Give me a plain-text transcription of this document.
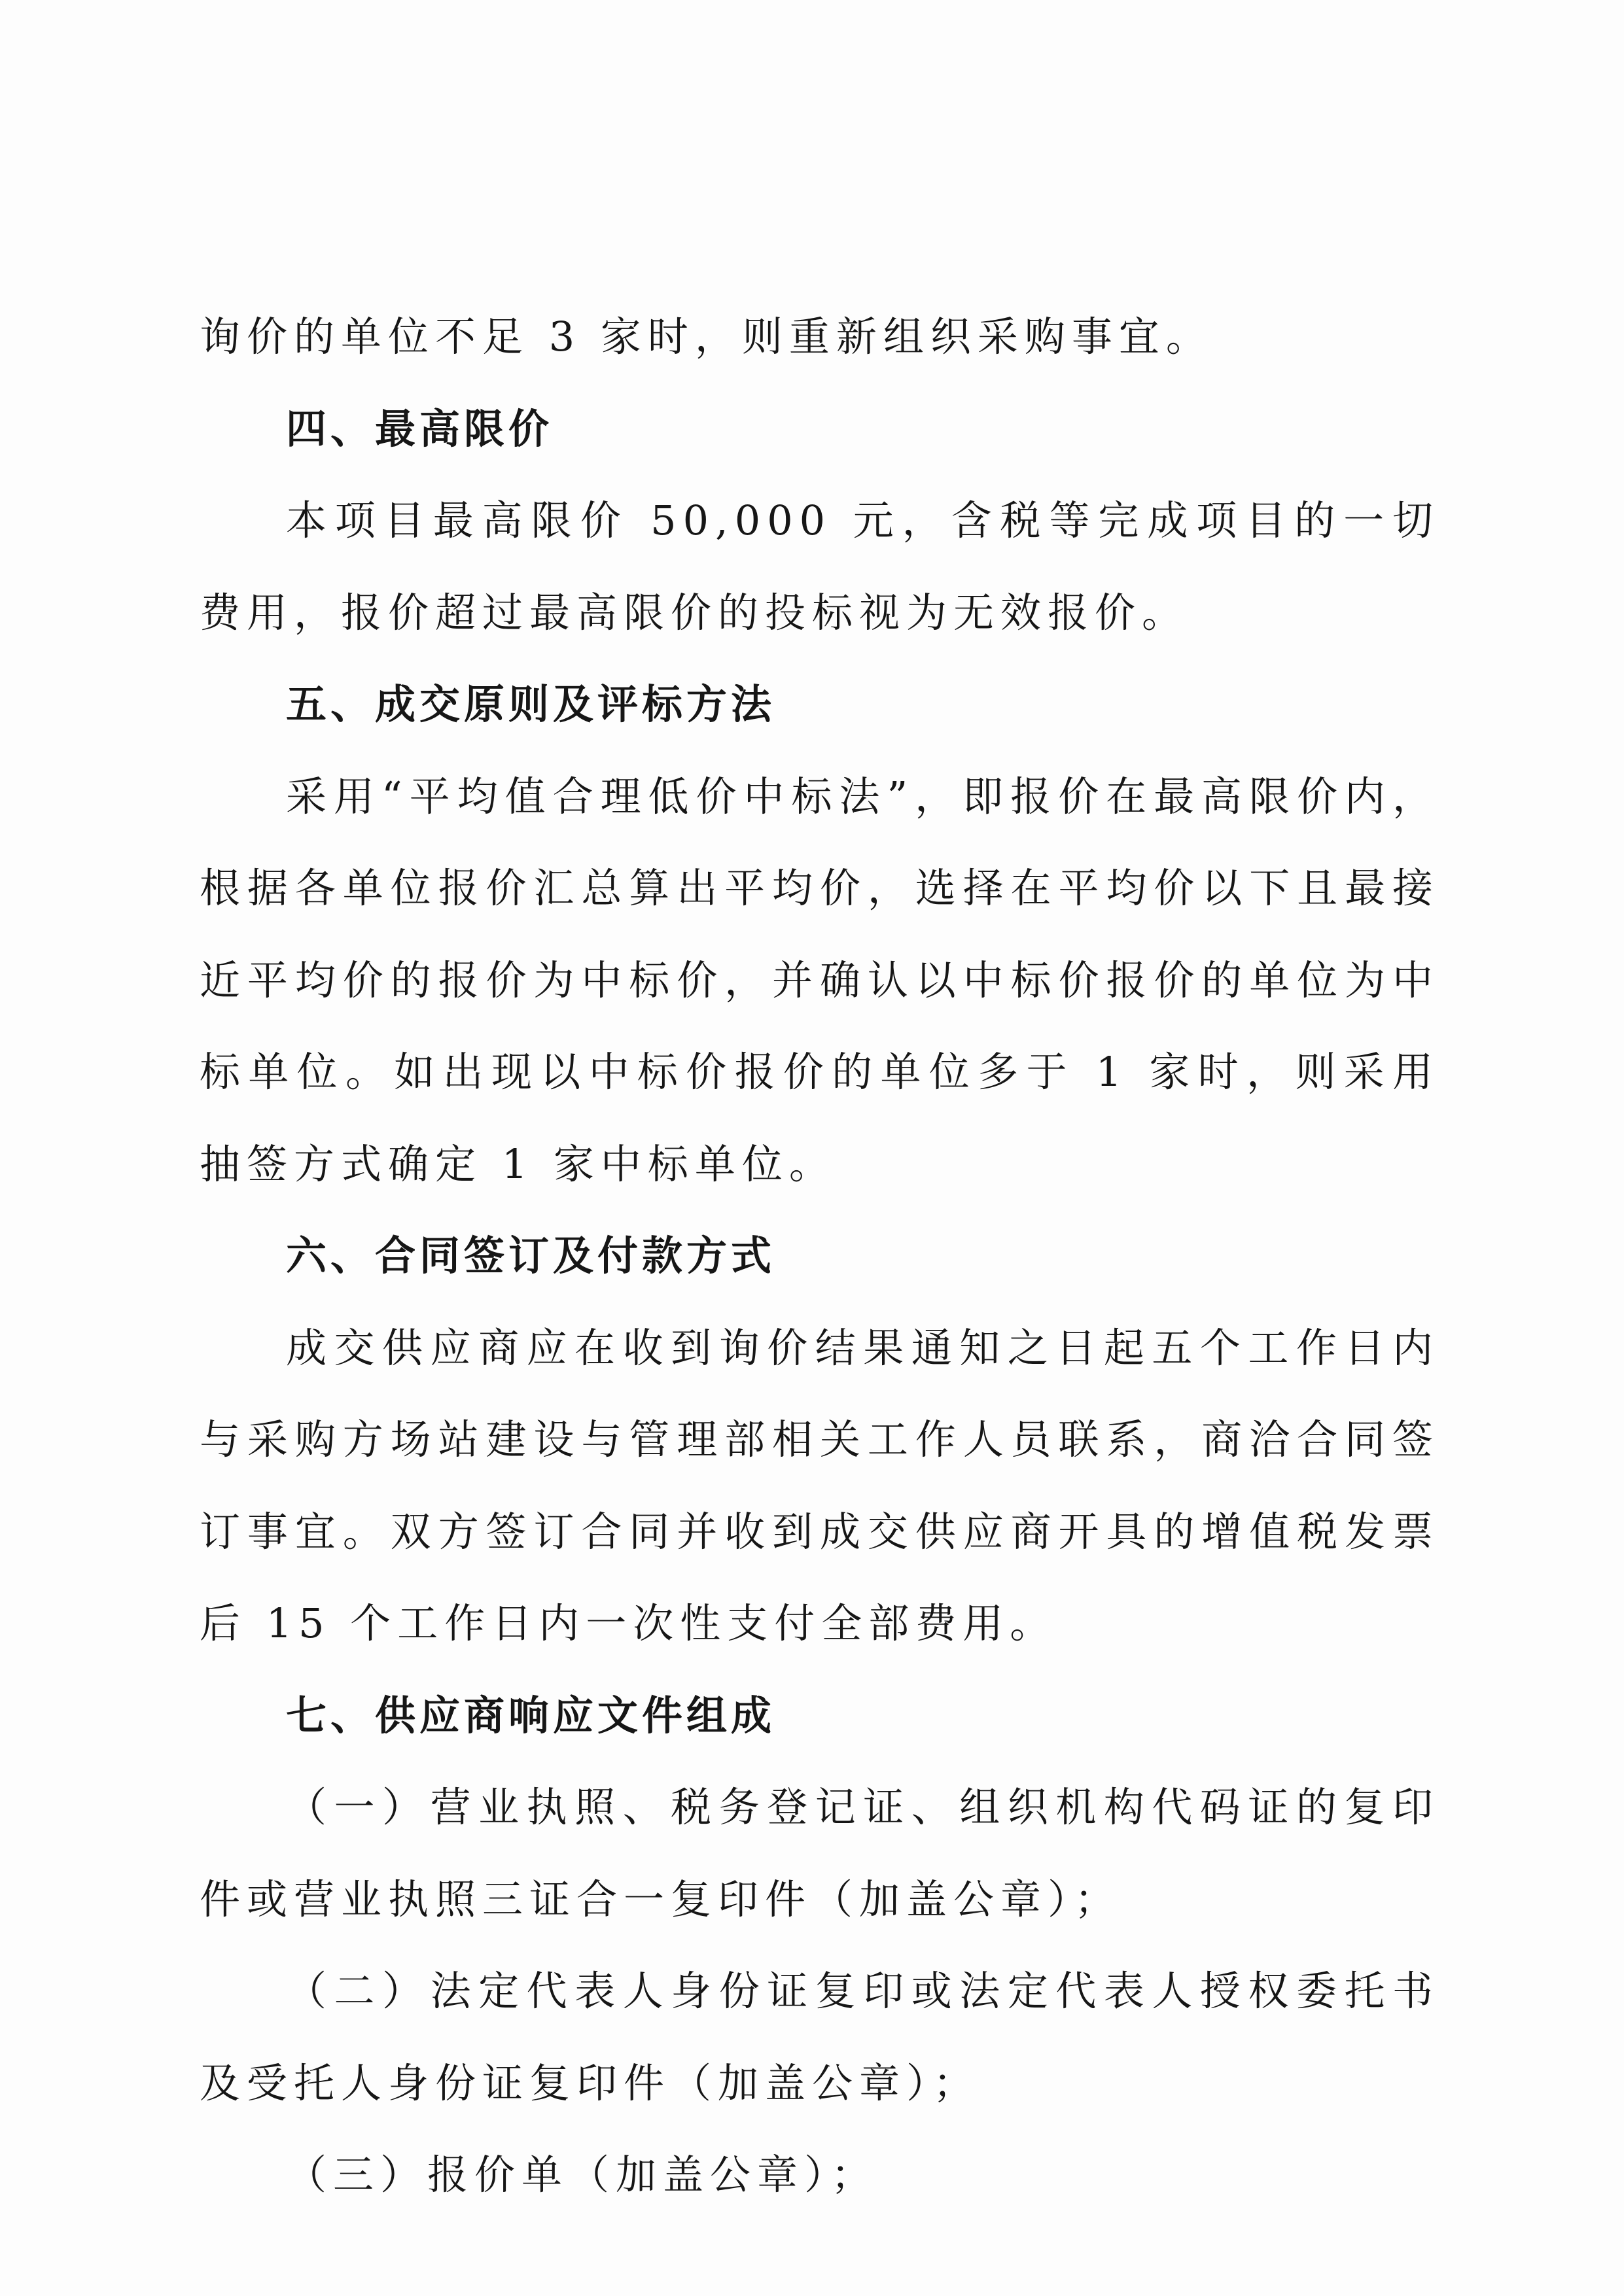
询价的单位不足 3 家时，则重新组织采购事宜。

四、最高限价

本项目最高限价 50,000 元，含税等完成项目的一切费用，报价超过最高限价的投标视为无效报价。

五、成交原则及评标方法

采用“平均值合理低价中标法”，即报价在最高限价内，根据各单位报价汇总算出平均价，选择在平均价以下且最接近平均价的报价为中标价，并确认以中标价报价的单位为中标单位。如出现以中标价报价的单位多于 1 家时，则采用抽签方式确定 1 家中标单位。

六、合同签订及付款方式

成交供应商应在收到询价结果通知之日起五个工作日内与采购方场站建设与管理部相关工作人员联系，商洽合同签订事宜。双方签订合同并收到成交供应商开具的增值税发票后 15 个工作日内一次性支付全部费用。

七、供应商响应文件组成

（一）营业执照、税务登记证、组织机构代码证的复印件或营业执照三证合一复印件（加盖公章）；

（二）法定代表人身份证复印或法定代表人授权委托书及受托人身份证复印件（加盖公章）；

（三）报价单（加盖公章）；
